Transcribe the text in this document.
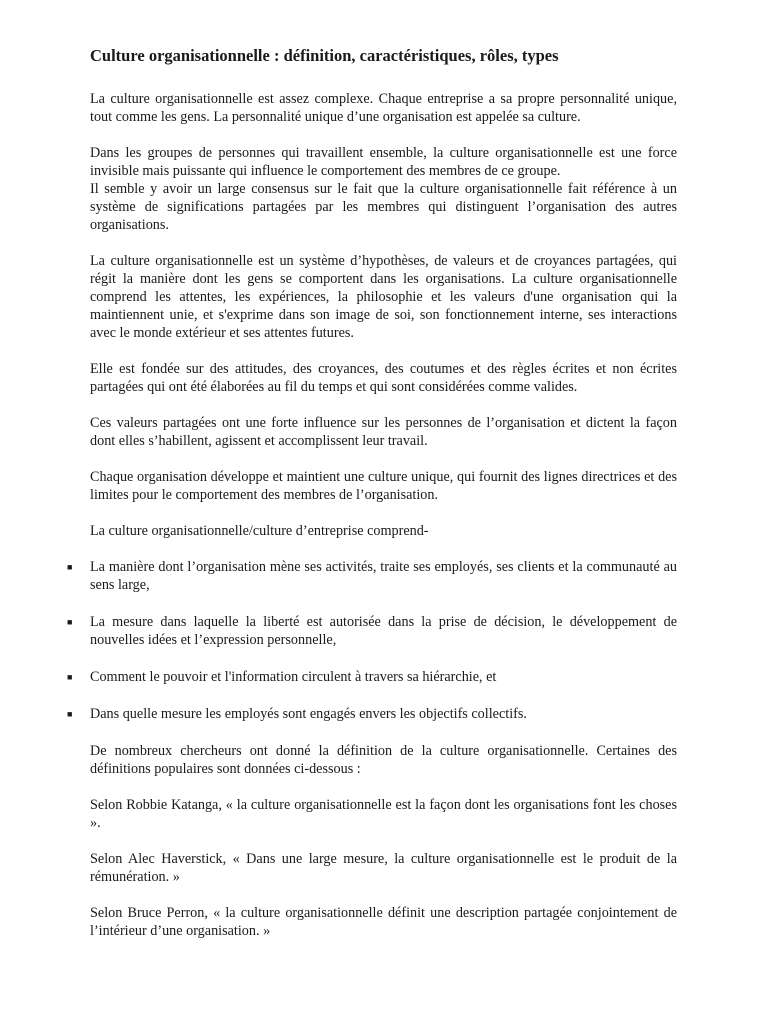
Culture organisationnelle : définition, caractéristiques, rôles, types

La culture organisationnelle est assez complexe. Chaque entreprise a sa propre personnalité unique, tout comme les gens. La personnalité unique d’une organisation est appelée sa culture.

Dans les groupes de personnes qui travaillent ensemble, la culture organisationnelle est une force invisible mais puissante qui influence le comportement des membres de ce groupe.

Il semble y avoir un large consensus sur le fait que la culture organisationnelle fait référence à un système de significations partagées par les membres qui distinguent l’organisation des autres organisations.

La culture organisationnelle est un système d’hypothèses, de valeurs et de croyances partagées, qui régit la manière dont les gens se comportent dans les organisations. La culture organisationnelle comprend les attentes, les expériences, la philosophie et les valeurs d'une organisation qui la maintiennent unie, et s'exprime dans son image de soi, son fonctionnement interne, ses interactions avec le monde extérieur et ses attentes futures.

Elle est fondée sur des attitudes, des croyances, des coutumes et des règles écrites et non écrites partagées qui ont été élaborées au fil du temps et qui sont considérées comme valides.

Ces valeurs partagées ont une forte influence sur les personnes de l’organisation et dictent la façon dont elles s’habillent, agissent et accomplissent leur travail.

Chaque organisation développe et maintient une culture unique, qui fournit des lignes directrices et des limites pour le comportement des membres de l’organisation.

La culture organisationnelle/culture d’entreprise comprend-

■ La manière dont l’organisation mène ses activités, traite ses employés, ses clients et la communauté au sens large,
■ La mesure dans laquelle la liberté est autorisée dans la prise de décision, le développement de nouvelles idées et l’expression personnelle,
■ Comment le pouvoir et l'information circulent à travers sa hiérarchie, et
■ Dans quelle mesure les employés sont engagés envers les objectifs collectifs.

De nombreux chercheurs ont donné la définition de la culture organisationnelle. Certaines des définitions populaires sont données ci-dessous :

Selon Robbie Katanga, « la culture organisationnelle est la façon dont les organisations font les choses ».

Selon Alec Haverstick, « Dans une large mesure, la culture organisationnelle est le produit de la rémunération. »

Selon Bruce Perron, « la culture organisationnelle définit une description partagée conjointement de l’intérieur d’une organisation. »
